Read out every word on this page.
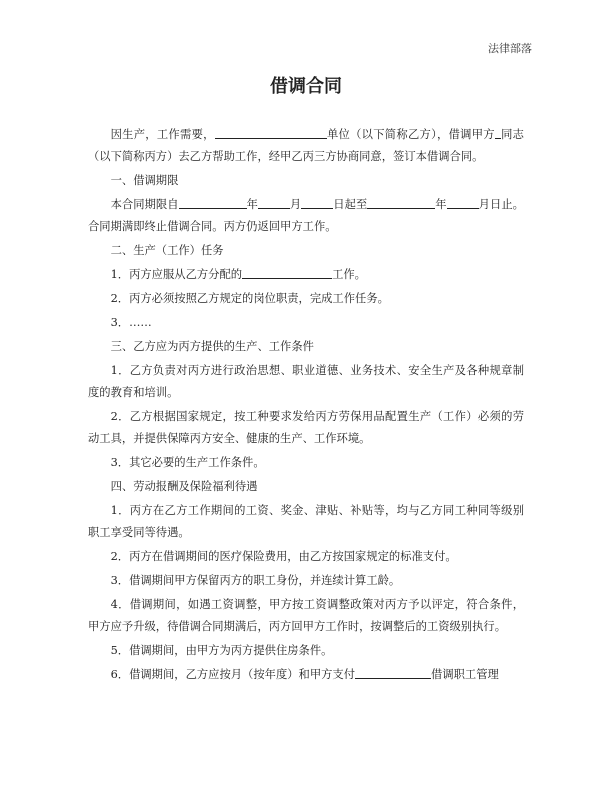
法律部落
借调合同

因生产，工作需要，	单位（以下简称乙方），借调甲方 同志（以下简称丙方）去乙方帮助工作，经甲乙丙三方协商同意，签订本借调合同。

一、借调期限

本合同期限自	年	月	日起至	年	月日止。合同期满即终止借调合同。丙方仍返回甲方工作。

二、生产（工作）任务

1．丙方应服从乙方分配的	工作。

2．丙方必须按照乙方规定的岗位职责，完成工作任务。

3．……

三、乙方应为丙方提供的生产、工作条件

1．乙方负责对丙方进行政治思想、职业道德、业务技术、安全生产及各种规章制度的教育和培训。

2．乙方根据国家规定，按工种要求发给丙方劳保用品配置生产（工作）必须的劳动工具，并提供保障丙方安全、健康的生产、工作环境。

3．其它必要的生产工作条件。

四、劳动报酬及保险福利待遇

1．丙方在乙方工作期间的工资、奖金、津贴、补贴等，均与乙方同工种同等级别职工享受同等待遇。

2．丙方在借调期间的医疗保险费用，由乙方按国家规定的标准支付。

3．借调期间甲方保留丙方的职工身份，并连续计算工龄。

4．借调期间，如遇工资调整，甲方按工资调整政策对丙方予以评定，符合条件，甲方应予升级，待借调合同期满后，丙方回甲方工作时，按调整后的工资级别执行。

5．借调期间，由甲方为丙方提供住房条件。

6．借调期间，乙方应按月（按年度）和甲方支付	借调职工管理
